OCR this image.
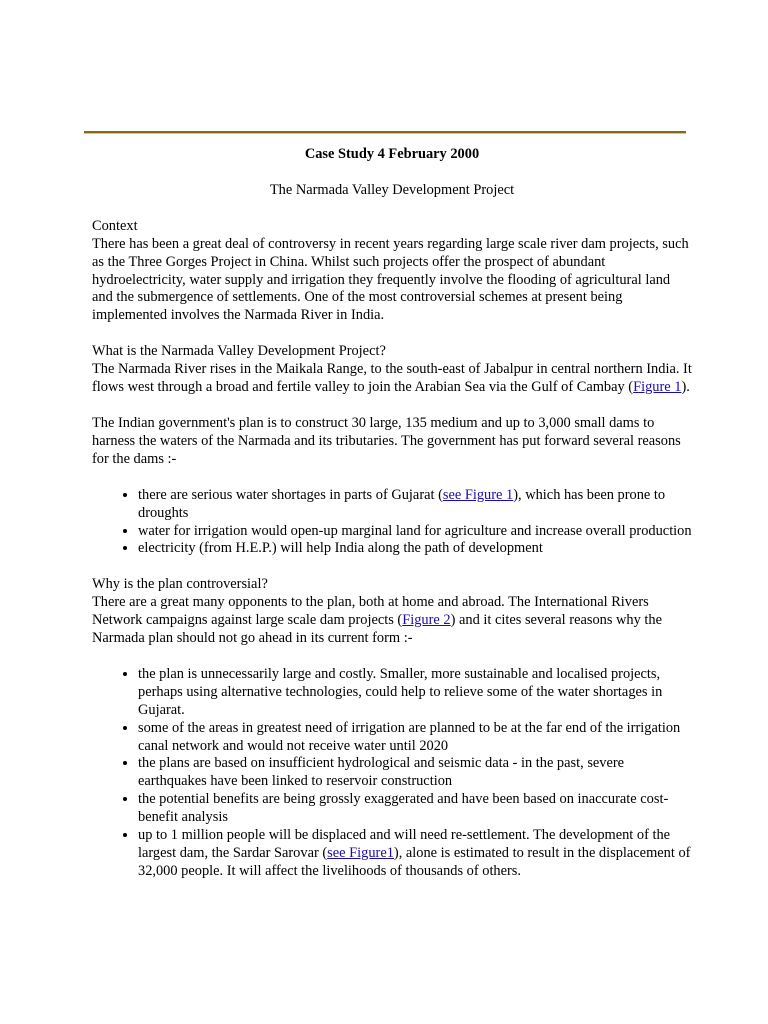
Case Study 4 February 2000

The Narmada Valley Development Project

Context

There has been a great deal of controversy in recent years regarding large scale river dam projects, such as the Three Gorges Project in China. Whilst such projects offer the prospect of abundant hydroelectricity, water supply and irrigation they frequently involve the flooding of agricultural land and the submergence of settlements. One of the most controversial schemes at present being implemented involves the Narmada River in India.

What is the Narmada Valley Development Project?

The Narmada River rises in the Maikala Range, to the south-east of Jabalpur in central northern India. It flows west through a broad and fertile valley to join the Arabian Sea via the Gulf of Cambay (Figure 1).

The Indian government's plan is to construct 30 large, 135 medium and up to 3,000 small dams to harness the waters of the Narmada and its tributaries. The government has put forward several reasons for the dams :-

• there are serious water shortages in parts of Gujarat (see Figure 1), which has been prone to droughts
• water for irrigation would open-up marginal land for agriculture and increase overall production
• electricity (from H.E.P.) will help India along the path of development

Why is the plan controversial?

There are a great many opponents to the plan, both at home and abroad. The International Rivers Network campaigns against large scale dam projects (Figure 2) and it cites several reasons why the Narmada plan should not go ahead in its current form :-

• the plan is unnecessarily large and costly. Smaller, more sustainable and localised projects, perhaps using alternative technologies, could help to relieve some of the water shortages in Gujarat.
• some of the areas in greatest need of irrigation are planned to be at the far end of the irrigation canal network and would not receive water until 2020
• the plans are based on insufficient hydrological and seismic data - in the past, severe earthquakes have been linked to reservoir construction
• the potential benefits are being grossly exaggerated and have been based on inaccurate cost-benefit analysis
• up to 1 million people will be displaced and will need re-settlement. The development of the largest dam, the Sardar Sarovar (see Figure1), alone is estimated to result in the displacement of 32,000 people. It will affect the livelihoods of thousands of others.
